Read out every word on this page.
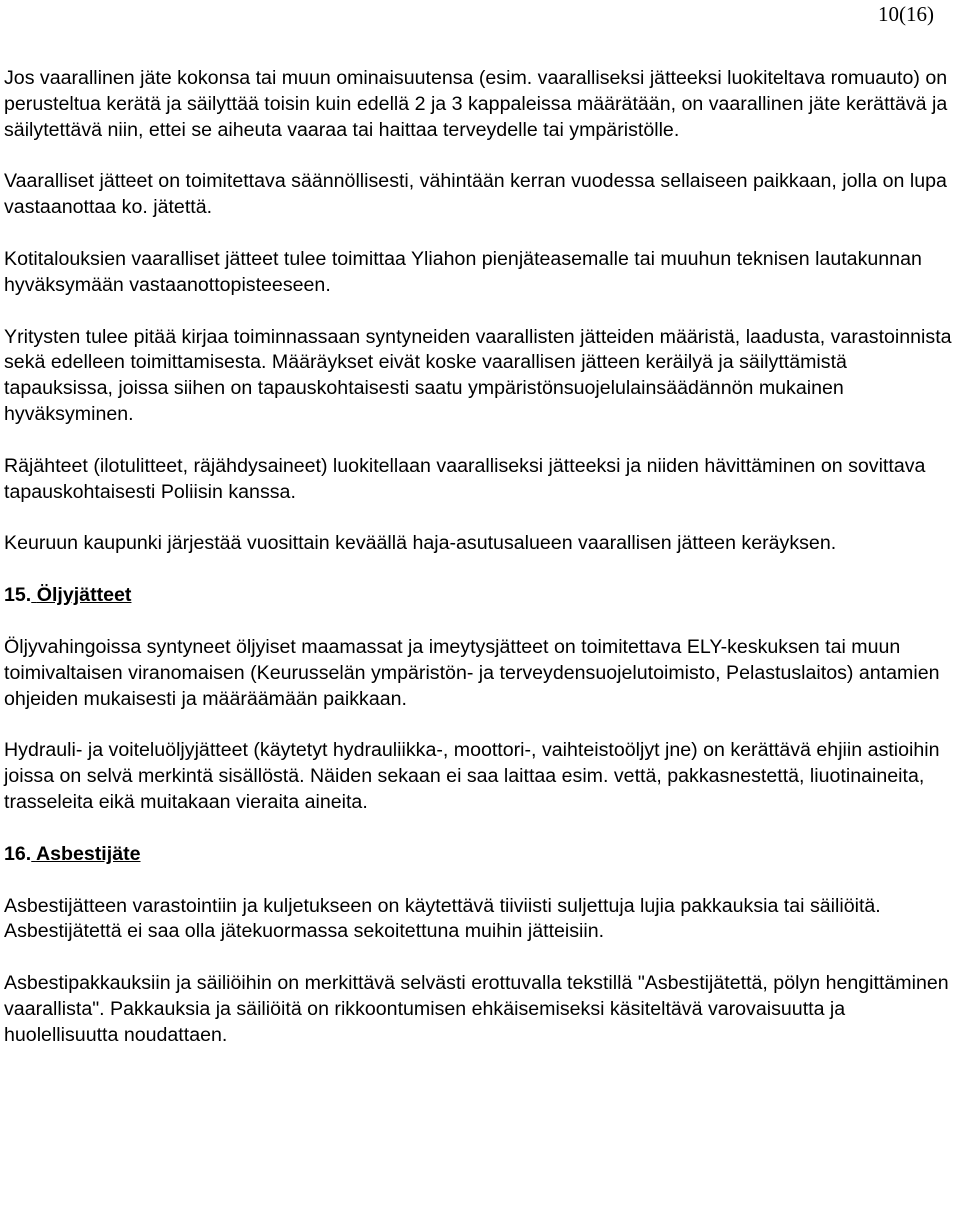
10(16)

Jos vaarallinen jäte kokonsa tai muun ominaisuutensa (esim. vaaralliseksi jätteeksi luokiteltava romuauto) on perusteltua kerätä ja säilyttää toisin kuin edellä 2 ja 3 kappaleissa määrätään, on vaarallinen jäte kerättävä ja säilytettävä niin, ettei se aiheuta vaaraa tai haittaa terveydelle tai ympäristölle.

Vaaralliset jätteet on toimitettava säännöllisesti, vähintään kerran vuodessa sellaiseen paikkaan, jolla on lupa vastaanottaa ko. jätettä.

Kotitalouksien vaaralliset jätteet tulee toimittaa Yliahon pienjäteasemalle tai muuhun teknisen lautakunnan hyväksymään vastaanottopisteeseen.

Yritysten tulee pitää kirjaa toiminnassaan syntyneiden vaarallisten jätteiden määristä, laadusta, varastoinnista sekä edelleen toimittamisesta. Määräykset eivät koske vaarallisen jätteen keräilyä ja säilyttämistä tapauksissa, joissa siihen on tapauskohtaisesti saatu ympäristönsuojelulainsäädännön mukainen hyväksyminen.

Räjähteet (ilotulitteet, räjähdysaineet) luokitellaan vaaralliseksi jätteeksi ja niiden hävittäminen on sovittava tapauskohtaisesti Poliisin kanssa.

Keuruun kaupunki järjestää vuosittain keväällä haja-asutusalueen vaarallisen jätteen keräyksen.

15. Öljyjätteet

Öljyvahingoissa syntyneet öljyiset maamassat ja imeytysjätteet on toimitettava ELY-keskuksen tai muun toimivaltaisen viranomaisen (Keurusselän ympäristön- ja terveydensuojelutoimisto, Pelastuslaitos) antamien ohjeiden mukaisesti ja määräämään paikkaan.

Hydrauli- ja voiteluöljyjätteet (käytetyt hydrauliikka-, moottori-, vaihteistoöljyt jne) on kerättävä ehjiin astioihin joissa on selvä merkintä sisällöstä. Näiden sekaan ei saa laittaa esim. vettä, pakkasnestettä, liuotinaineita, trasseleita eikä muitakaan vieraita aineita.

16. Asbestijäte

Asbestijätteen varastointiin ja kuljetukseen on käytettävä tiiviisti suljettuja lujia pakkauksia tai säiliöitä. Asbestijätettä ei saa olla jätekuormassa sekoitettuna muihin jätteisiin.

Asbestipakkauksiin ja säiliöihin on merkittävä selvästi erottuvalla tekstillä "Asbestijätettä, pölyn hengittäminen vaarallista". Pakkauksia ja säiliöitä on rikkoontumisen ehkäisemiseksi käsiteltävä varovaisuutta ja huolellisuutta noudattaen.
